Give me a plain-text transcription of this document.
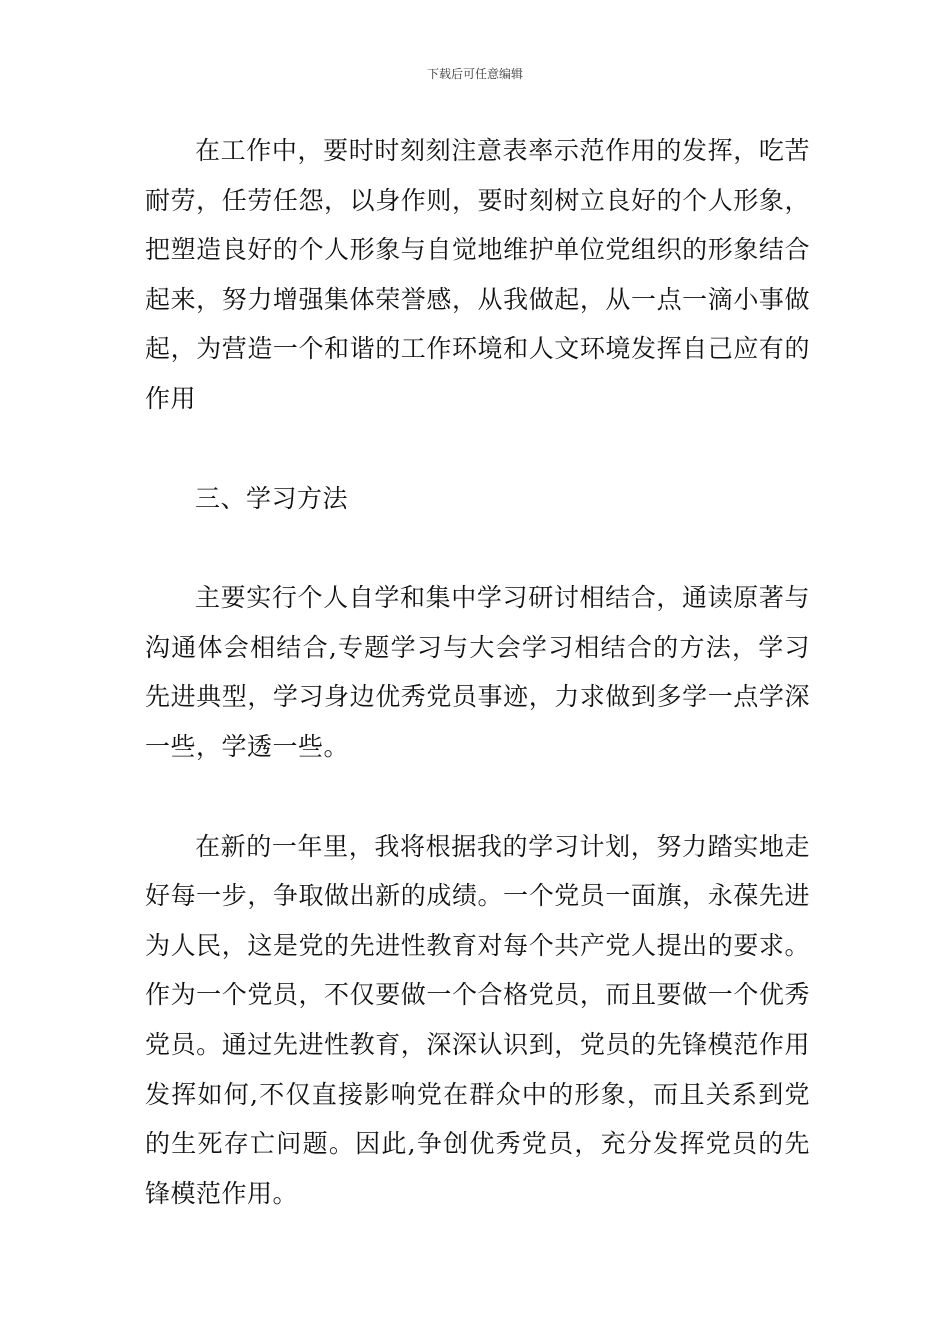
下载后可任意编辑

在工作中，要时时刻刻注意表率示范作用的发挥，吃苦耐劳，任劳任怨，以身作则，要时刻树立良好的个人形象，把塑造良好的个人形象与自觉地维护单位党组织的形象结合起来，努力增强集体荣誉感，从我做起，从一点一滴小事做起，为营造一个和谐的工作环境和人文环境发挥自己应有的作用

三、学习方法

主要实行个人自学和集中学习研讨相结合，通读原著与沟通体会相结合,专题学习与大会学习相结合的方法，学习先进典型，学习身边优秀党员事迹，力求做到多学一点学深一些，学透一些。

在新的一年里，我将根据我的学习计划，努力踏实地走好每一步，争取做出新的成绩。一个党员一面旗，永葆先进为人民，这是党的先进性教育对每个共产党人提出的要求。作为一个党员，不仅要做一个合格党员，而且要做一个优秀党员。通过先进性教育，深深认识到，党员的先锋模范作用发挥如何,不仅直接影响党在群众中的形象，而且关系到党的生死存亡问题。因此,争创优秀党员，充分发挥党员的先锋模范作用。
